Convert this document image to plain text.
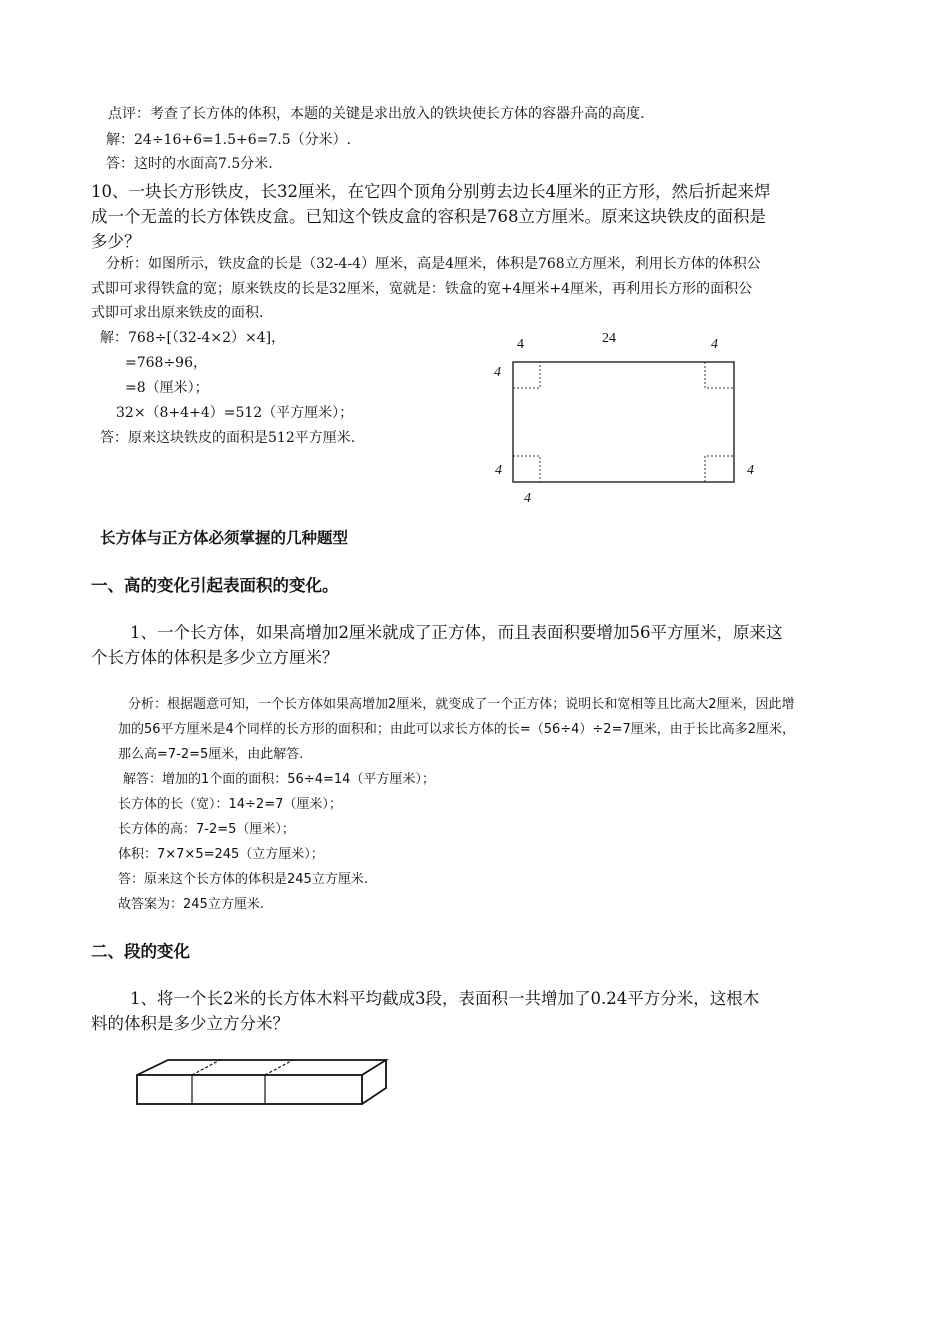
点评：考查了长方体的体积，本题的关键是求出放入的铁块使长方体的容器升高的高度.
解：24÷16+6=1.5+6=7.5（分米）.
答：这时的水面高7.5分米.
10、一块长方形铁皮，长32厘米，在它四个顶角分别剪去边长4厘米的正方形，然后折起来焊
成一个无盖的长方体铁皮盒。已知这个铁皮盒的容积是768立方厘米。原来这块铁皮的面积是
多少？
分析：如图所示，铁皮盒的长是（32-4-4）厘米，高是4厘米，体积是768立方厘米，利用长方体的体积公
式即可求得铁盒的宽；原来铁皮的长是32厘米，宽就是：铁盒的宽+4厘米+4厘米，再利用长方形的面积公
式即可求出原来铁皮的面积.
解：768÷[（32-4×2）×4]，
=768÷96，
=8（厘米）；
32×（8+4+4）=512（平方厘米）；
答：原来这块铁皮的面积是512平方厘米.
4	24	4
4
4	4
4
长方体与正方体必须掌握的几种题型
一、高的变化引起表面积的变化。
1、一个长方体，如果高增加2厘米就成了正方体，而且表面积要增加56平方厘米，原来这
个长方体的体积是多少立方厘米？
分析：根据题意可知，一个长方体如果高增加2厘米，就变成了一个正方体；说明长和宽相等且比高大2厘米，因此增
加的56平方厘米是4个同样的长方形的面积和；由此可以求长方体的长=（56÷4）÷2=7厘米，由于长比高多2厘米，
那么高=7-2=5厘米，由此解答.
解答：增加的1个面的面积：56÷4=14（平方厘米）；
长方体的长（宽）：14÷2=7（厘米）；
长方体的高：7-2=5（厘米）；
体积：7×7×5=245（立方厘米）；
答：原来这个长方体的体积是245立方厘米.
故答案为：245立方厘米.
二、段的变化
1、将一个长2米的长方体木料平均截成3段，表面积一共增加了0.24平方分米，这根木
料的体积是多少立方分米？
